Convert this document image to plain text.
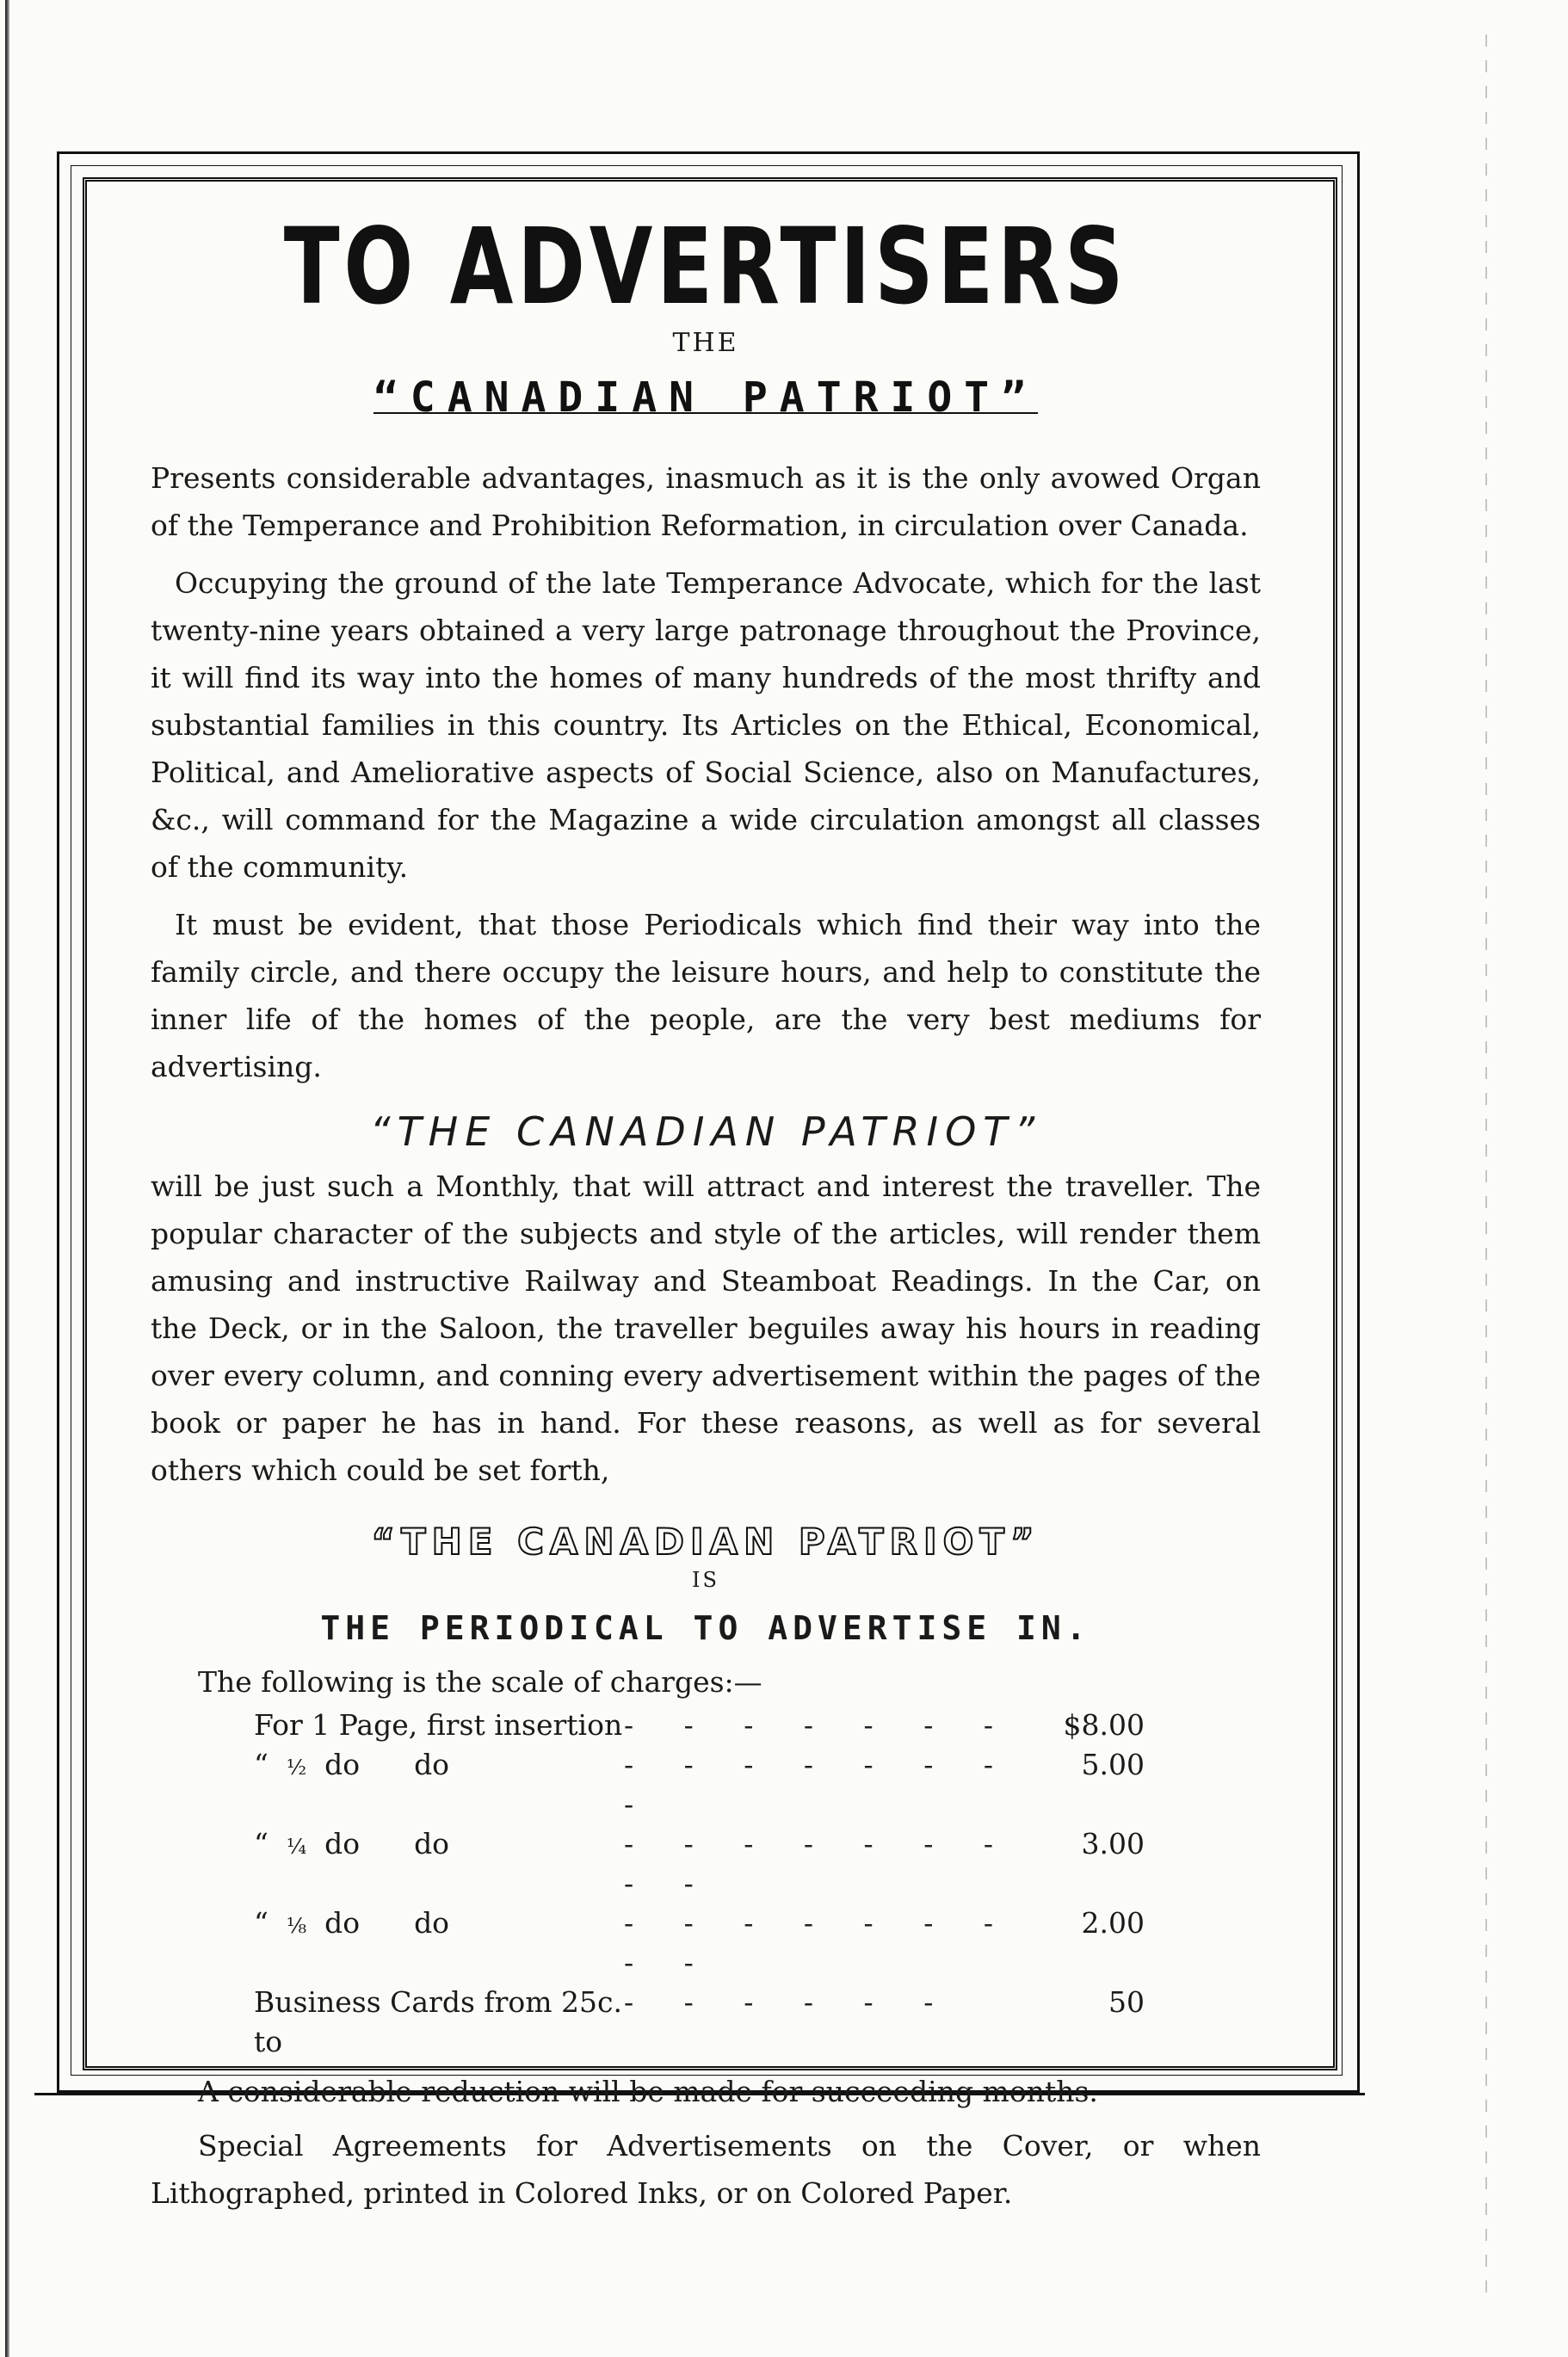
TO ADVERTISERS
THE
“CANADIAN PATRIOT”

Presents considerable advantages, inasmuch as it is the only avowed Organ of the Temperance and Prohibition Reformation, in circulation over Canada.

Occupying the ground of the late Temperance Advocate, which for the last twenty-nine years obtained a very large patronage throughout the Province, it will find its way into the homes of many hundreds of the most thrifty and substantial families in this country. Its Articles on the Ethical, Economical, Political, and Ameliorative aspects of Social Science, also on Manufactures, &c., will command for the Magazine a wide circulation amongst all classes of the community.

It must be evident, that those Periodicals which find their way into the family circle, and there occupy the leisure hours, and help to constitute the inner life of the homes of the people, are the very best mediums for advertising.

“THE CANADIAN PATRIOT”

will be just such a Monthly, that will attract and interest the traveller. The popular character of the subjects and style of the articles, will render them amusing and instructive Railway and Steamboat Readings. In the Car, on the Deck, or in the Saloon, the traveller beguiles away his hours in reading over every column, and conning every advertisement within the pages of the book or paper he has in hand. For these reasons, as well as for several others which could be set forth,

“THE CANADIAN PATRIOT”
IS
THE PERIODICAL TO ADVERTISE IN.
The following is the scale of charges:—
For 1 Page, first insertion	- - - - - - -	$8.00
“ ½ do do	- - - - - - - -	5.00
“ ¼ do do	- - - - - - - - -	3.00
“ ⅛ do do	- - - - - - - - -	2.00
Business Cards from 25c. to	- - - - - -	50
A considerable reduction will be made for succeeding months.
Special Agreements for Advertisements on the Cover, or when Lithographed, printed in Colored Inks, or on Colored Paper.
